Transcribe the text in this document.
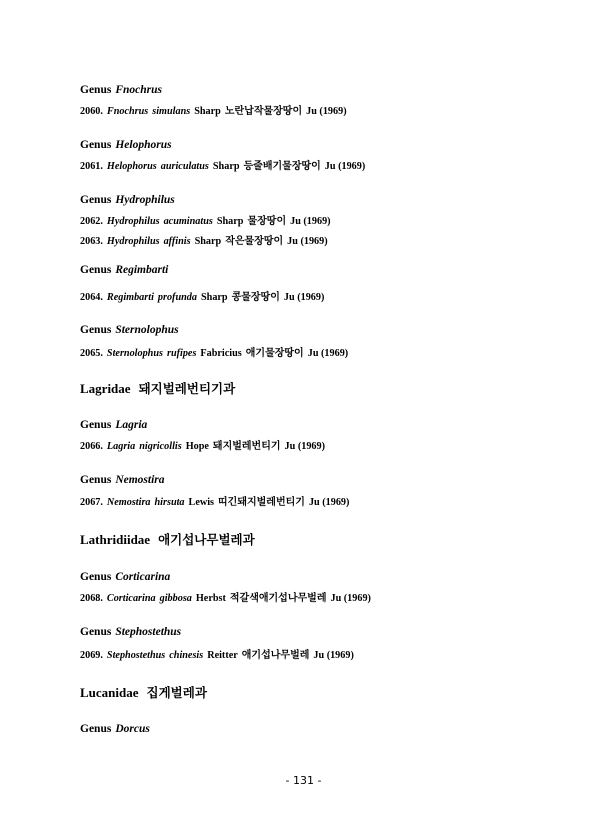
Genus Fnochrus
2060. Fnochrus simulans Sharp 노란납작물장땅이 Ju (1969)
Genus Helophorus
2061. Helophorus auriculatus Sharp 등줄배기물장땅이 Ju (1969)
Genus Hydrophilus
2062. Hydrophilus acuminatus Sharp 물장땅이 Ju (1969)
2063. Hydrophilus affinis Sharp 작은물장땅이 Ju (1969)
Genus Regimbarti
2064. Regimbarti profunda Sharp 콩물장땅이 Ju (1969)
Genus Sternolophus
2065. Sternolophus rufipes Fabricius 애기물장땅이 Ju (1969)
Lagridae 돼지벌레번티기과
Genus Lagria
2066. Lagria nigricollis Hope 돼지벌레번티기 Ju (1969)
Genus Nemostira
2067. Nemostira hirsuta Lewis 띠긴돼지벌레번티기 Ju (1969)
Lathridiidae 애기섭나무벌레과
Genus Corticarina
2068. Corticarina gibbosa Herbst 적갈색애기섭나무벌레 Ju (1969)
Genus Stephostethus
2069. Stephostethus chinesis Reitter 애기섭나무벌레 Ju (1969)
Lucanidae 집게벌레과
Genus Dorcus
- 131 -
